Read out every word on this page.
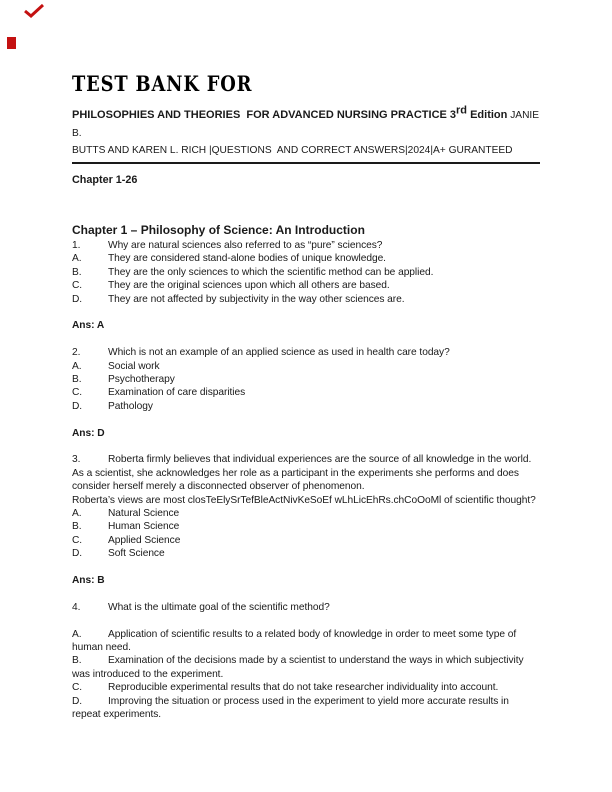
TEST BANK FOR

PHILOSOPHIES AND THEORIES  FOR ADVANCED NURSING PRACTICE 3rd Edition JANIE B.
BUTTS AND KAREN L. RICH |QUESTIONS  AND CORRECT ANSWERS|2024|A+ GURANTEED

Chapter 1-26

Chapter 1 – Philosophy of Science: An Introduction

1.	Why are natural sciences also referred to as “pure” sciences?

A.	They are considered stand-alone bodies of unique knowledge.

B.	They are the only sciences to which the scientific method can be applied.

C.	They are the original sciences upon which all others are based.

D.	They are not affected by subjectivity in the way other sciences are.

Ans: A

2.	Which is not an example of an applied science as used in health care today?

A.	Social work

B.	Psychotherapy

C.	Examination of care disparities

D.	Pathology

Ans: D

3.	Roberta firmly believes that individual experiences are the source of all knowledge in the world. As a scientist, she acknowledges her role as a participant in the experiments she performs and does consider herself merely a disconnected observer of phenomenon.

Roberta’s views are most closTeElySrTefBleActNivKeSoEf wLhLicEhRs.chCoOoMl of scientific thought?

A.	Natural Science

B.	Human Science

C.	Applied Science

D.	Soft Science

Ans: B

4.	What is the ultimate goal of the scientific method?

A.	Application of scientific results to a related body of knowledge in order to meet some type of human need.

B.	Examination of the decisions made by a scientist to understand the ways in which subjectivity was introduced to the experiment.

C.	Reproducible experimental results that do not take researcher individuality into account.

D.	Improving the situation or process used in the experiment to yield more accurate results in repeat experiments.
